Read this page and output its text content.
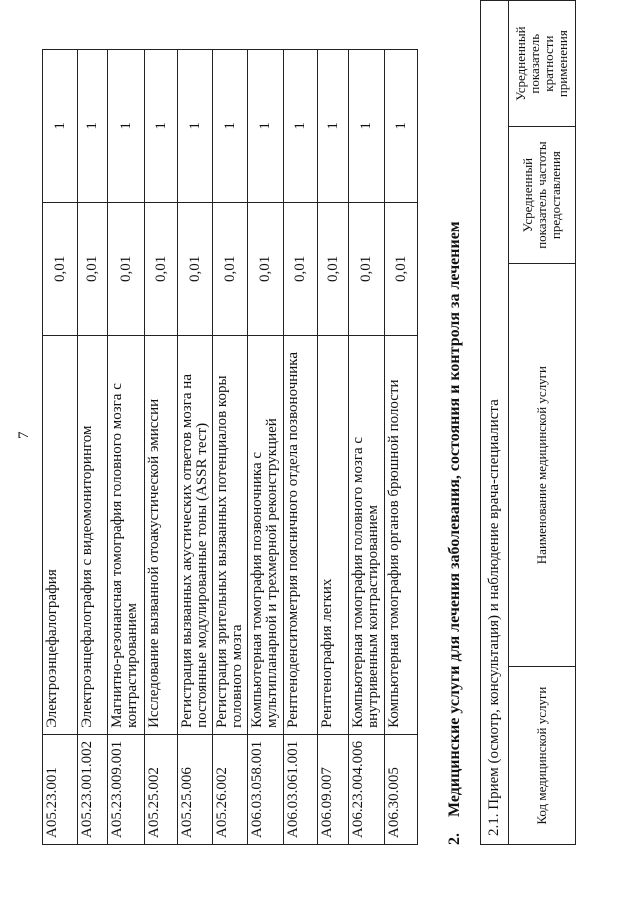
7
A05.23.001	Электроэнцефалография	0,01	1
A05.23.001.002	Электроэнцефалография с видеомониторингом	0,01	1
A05.23.009.001	Магнитно-резонансная томография головного мозга с контрастированием	0,01	1
A05.25.002	Исследование вызванной отоакустической эмиссии	0,01	1
A05.25.006	Регистрация вызванных акустических ответов мозга на постоянные модулированные тоны (ASSR тест)	0,01	1
A05.26.002	Регистрация зрительных вызванных потенциалов коры головного мозга	0,01	1
A06.03.058.001	Компьютерная томография позвоночника с мультипланарной и трехмерной реконструкцией	0,01	1
A06.03.061.001	Рентгеноденситометрия поясничного отдела позвоночника	0,01	1
A06.09.007	Рентгенография легких	0,01	1
A06.23.004.006	Компьютерная томография головного мозга с внутривенным контрастированием	0,01	1
A06.30.005	Компьютерная томография органов брюшной полости	0,01	1
2.Медицинские услуги для лечения заболевания, состояния и контроля за лечением 2.1. Прием (осмотр, консультация) и наблюдение врача-специалиста
Код медицинской услуги	Наименование медицинской услуги	Усредненный показатель частоты предоставления	Усредненный показатель кратности применения
